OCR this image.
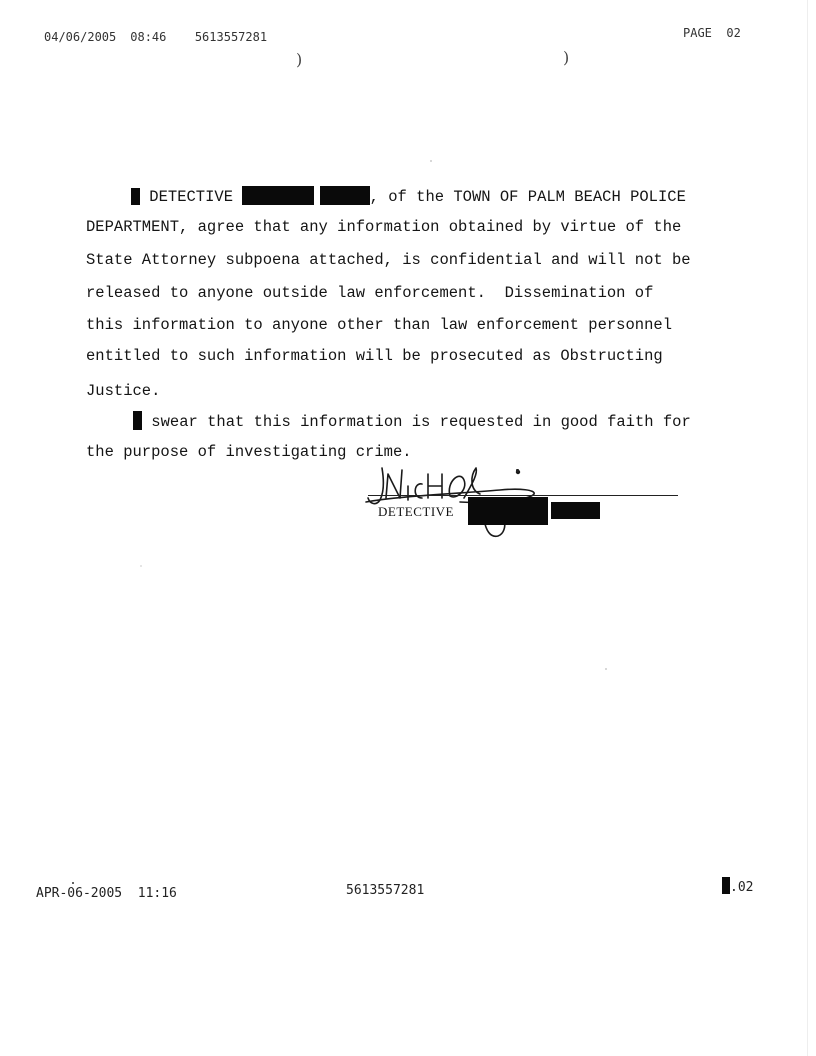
04/06/2005 08:46 5613557281	PAGE 02
)	)
DETECTIVE	, of the TOWN OF PALM BEACH POLICE
DEPARTMENT, agree that any information obtained by virtue of the
State Attorney subpoena attached, is confidential and will not be
released to anyone outside law enforcement.  Dissemination of
this information to anyone other than law enforcement personnel
entitled to such information will be prosecuted as Obstructing
Justice.
swear that this information is requested in good faith for
the purpose of investigating crime.
DETECTIVE
APR-06-2005  11:16	5613557281	.02
